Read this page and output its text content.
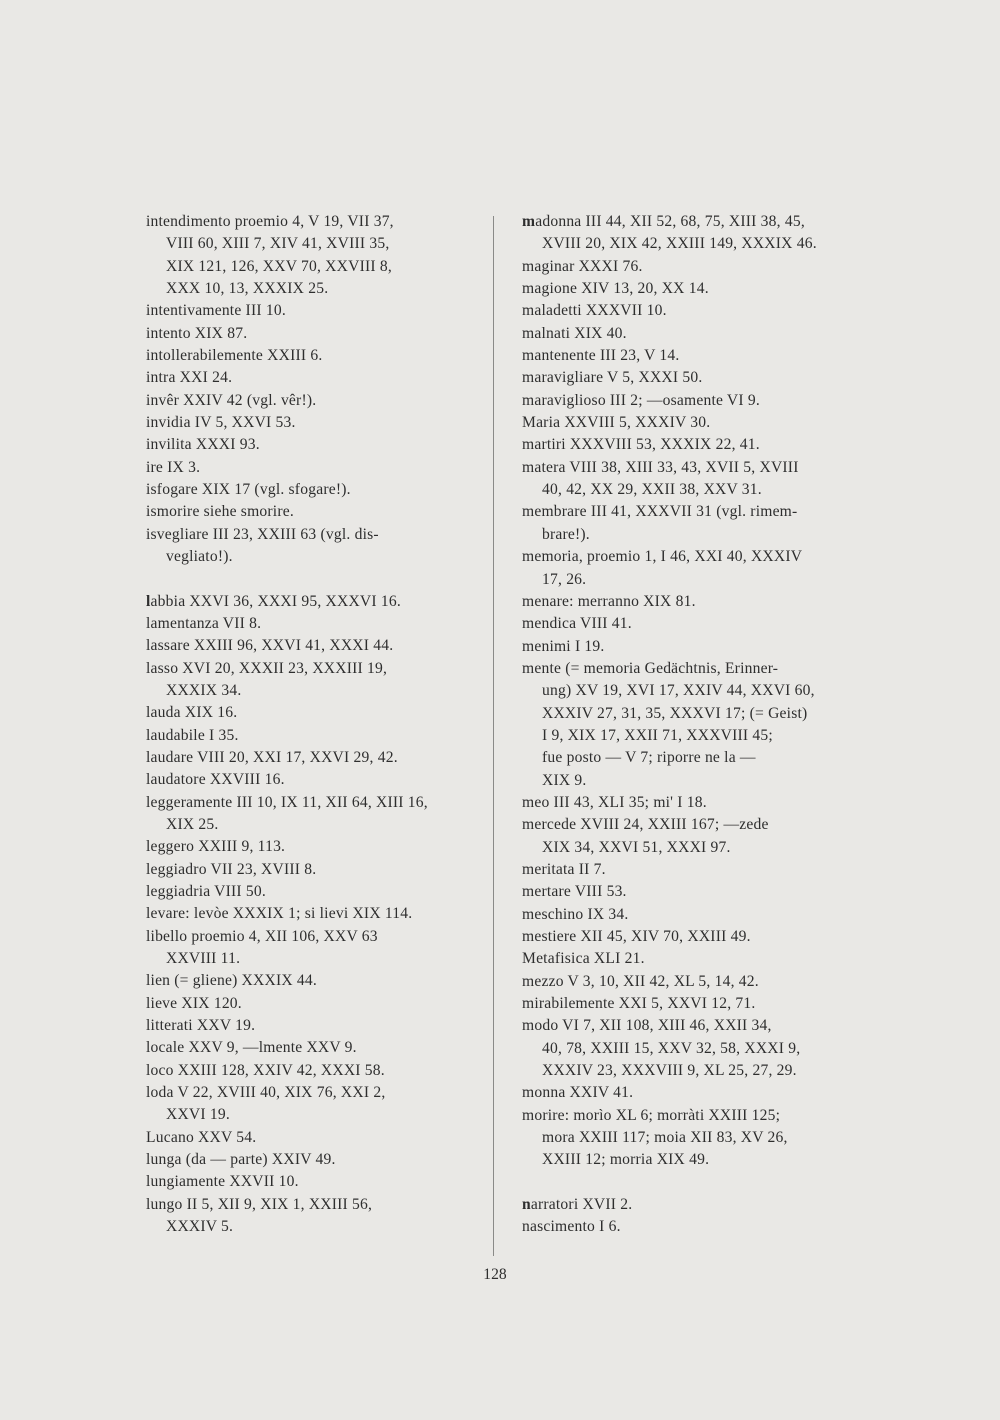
intendimento proemio 4, V 19, VII 37,
VIII 60, XIII 7, XIV 41, XVIII 35,
XIX 121, 126, XXV 70, XXVIII 8,
XXX 10, 13, XXXIX 25.
intentivamente III 10.
intento XIX 87.
intollerabilemente XXIII 6.
intra XXI 24.
invêr XXIV 42 (vgl. vêr!).
invidia IV 5, XXVI 53.
invilita XXXI 93.
ire IX 3.
isfogare XIX 17 (vgl. sfogare!).
ismorire siehe smorire.
isvegliare III 23, XXIII 63 (vgl. dis-
vegliato!).
labbia XXVI 36, XXXI 95, XXXVI 16.
lamentanza VII 8.
lassare XXIII 96, XXVI 41, XXXI 44.
lasso XVI 20, XXXII 23, XXXIII 19,
XXXIX 34.
lauda XIX 16.
laudabile I 35.
laudare VIII 20, XXI 17, XXVI 29, 42.
laudatore XXVIII 16.
leggeramente III 10, IX 11, XII 64, XIII 16,
XIX 25.
leggero XXIII 9, 113.
leggiadro VII 23, XVIII 8.
leggiadria VIII 50.
levare: levòe XXXIX 1; si lievi XIX 114.
libello proemio 4, XII 106, XXV 63
XXVIII 11.
lien (= gliene) XXXIX 44.
lieve XIX 120.
litterati XXV 19.
locale XXV 9, —lmente XXV 9.
loco XXIII 128, XXIV 42, XXXI 58.
loda V 22, XVIII 40, XIX 76, XXI 2,
XXVI 19.
Lucano XXV 54.
lunga (da — parte) XXIV 49.
lungiamente XXVII 10.
lungo II 5, XII 9, XIX 1, XXIII 56,
XXXIV 5.
madonna III 44, XII 52, 68, 75, XIII 38, 45,
XVIII 20, XIX 42, XXIII 149, XXXIX 46.
maginar XXXI 76.
magione XIV 13, 20, XX 14.
maladetti XXXVII 10.
malnati XIX 40.
mantenente III 23, V 14.
maravigliare V 5, XXXI 50.
maraviglioso III 2; —osamente VI 9.
Maria XXVIII 5, XXXIV 30.
martiri XXXVIII 53, XXXIX 22, 41.
matera VIII 38, XIII 33, 43, XVII 5, XVIII
40, 42, XX 29, XXII 38, XXV 31.
membrare III 41, XXXVII 31 (vgl. rimem-
brare!).
memoria, proemio 1, I 46, XXI 40, XXXIV
17, 26.
menare: merranno XIX 81.
mendica VIII 41.
menimi I 19.
mente (= memoria Gedächtnis, Erinner-
ung) XV 19, XVI 17, XXIV 44, XXVI 60,
XXXIV 27, 31, 35, XXXVI 17; (= Geist)
I 9, XIX 17, XXII 71, XXXVIII 45;
fue posto — V 7; riporre ne la —
XIX 9.
meo III 43, XLI 35; mi' I 18.
mercede XVIII 24, XXIII 167; —zede
XIX 34, XXVI 51, XXXI 97.
meritata II 7.
mertare VIII 53.
meschino IX 34.
mestiere XII 45, XIV 70, XXIII 49.
Metafisica XLI 21.
mezzo V 3, 10, XII 42, XL 5, 14, 42.
mirabilemente XXI 5, XXVI 12, 71.
modo VI 7, XII 108, XIII 46, XXII 34,
40, 78, XXIII 15, XXV 32, 58, XXXI 9,
XXXIV 23, XXXVIII 9, XL 25, 27, 29.
monna XXIV 41.
morire: morìo XL 6; morràti XXIII 125;
mora XXIII 117; moia XII 83, XV 26,
XXIII 12; morria XIX 49.
narratori XVII 2.
nascimento I 6.
128
